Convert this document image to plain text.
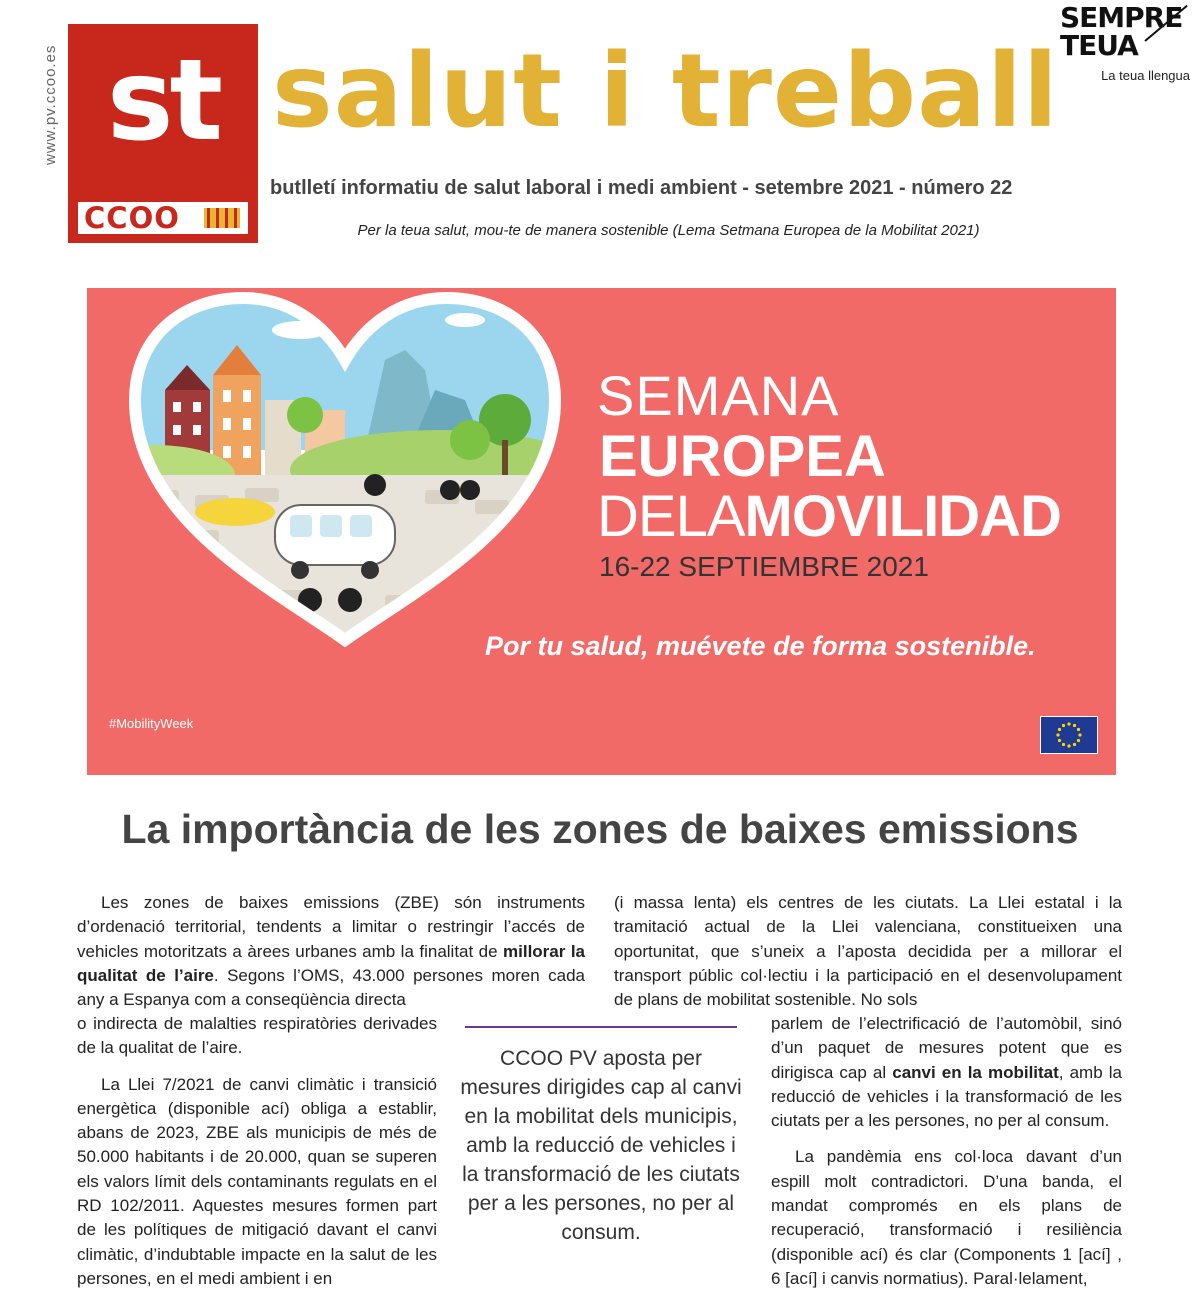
www.pv.ccoo.es st
CCOO
salut i treball
butlletí informatiu de salut laboral i medi ambient - setembre 2021 - número 22
Per la teua salut, mou-te de manera sostenible (Lema Setmana Europea de la Mobilitat 2021)
SEMPRE
TEUA
La teua llengua
SEMANA
EUROPEA
DELAMOVILIDAD
16-22 SEPTIEMBRE 2021
Por tu salud, muévete de forma sostenible.
#MobilityWeek
La importància de les zones de baixes emissions

Les zones de baixes emissions (ZBE) són instruments d’ordenació territorial, tendents a limitar o restringir l’accés de vehicles motoritzats a àrees urbanes amb la finalitat de millorar la qualitat de l’aire. Segons l’OMS, 43.000 persones moren cada any a Espanya com a conseqüència directa

o indirecta de malalties respiratòries derivades de la qualitat de l’aire.

La Llei 7/2021 de canvi climàtic i transició energètica (disponible ací) obliga a establir, abans de 2023, ZBE als municipis de més de 50.000 habitants i de 20.000, quan se superen els valors límit dels contaminants regulats en el RD 102/2011. Aquestes mesures formen part de les polítiques de mitigació davant el canvi climàtic, d’indubtable impacte en la salut de les persones, en el medi ambient i en

(i massa lenta) els centres de les ciutats. La Llei estatal i la tramitació actual de la Llei valenciana, constitueixen una oportunitat, que s’uneix a l’aposta decidida per a millorar el transport públic col·lectiu i la participació en el desenvolupament de plans de mobilitat sostenible. No sols

parlem de l’electrificació de l’automòbil, sinó d’un paquet de mesures potent que es dirigisca cap al canvi en la mobilitat, amb la reducció de vehicles i la transformació de les ciutats per a les persones, no per al consum.

La pandèmia ens col·loca davant d’un espill molt contradictori. D’una banda, el mandat compromés en els plans de recuperació, transformació i resiliència (disponible ací) és clar (Components 1 [ací] , 6 [ací] i canvis normatius). Paral·lelament,

CCOO PV aposta per mesures dirigides cap al canvi en la mobilitat dels municipis, amb la reducció de vehicles i la transformació de les ciutats per a les persones, no per al consum.
